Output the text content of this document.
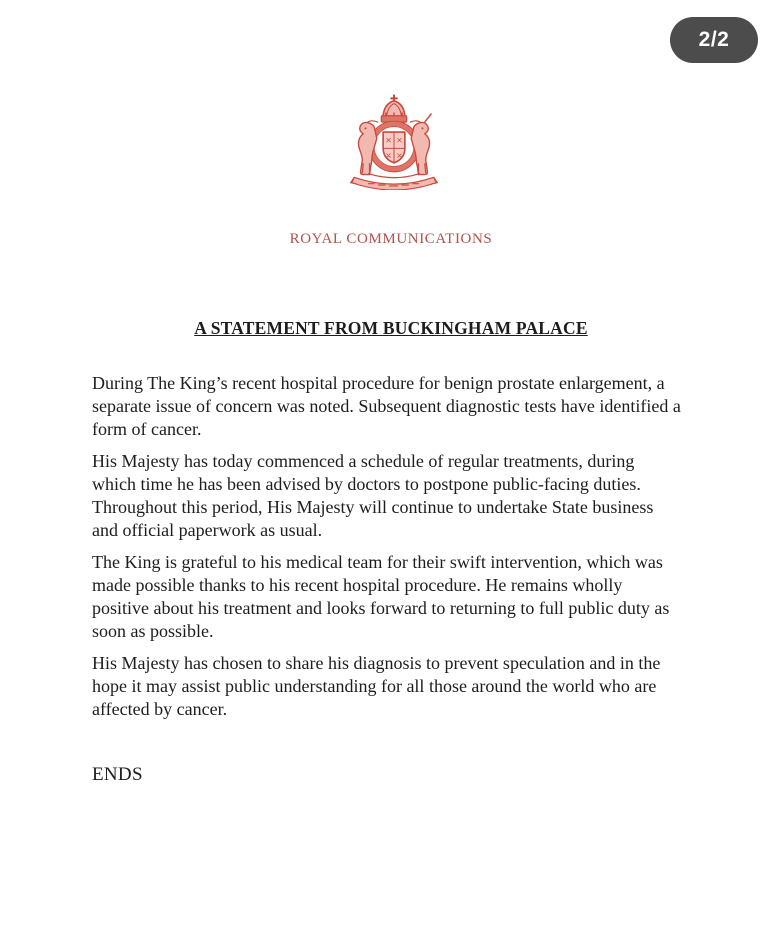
2/2
ROYAL COMMUNICATIONS
A STATEMENT FROM BUCKINGHAM PALACE

During The King’s recent hospital procedure for benign prostate enlargement, a separate issue of concern was noted. Subsequent diagnostic tests have identified a form of cancer.

His Majesty has today commenced a schedule of regular treatments, during which time he has been advised by doctors to postpone public-facing duties. Throughout this period, His Majesty will continue to undertake State business and official paperwork as usual.

The King is grateful to his medical team for their swift intervention, which was made possible thanks to his recent hospital procedure. He remains wholly positive about his treatment and looks forward to returning to full public duty as soon as possible.

His Majesty has chosen to share his diagnosis to prevent speculation and in the hope it may assist public understanding for all those around the world who are affected by cancer.

ENDS
